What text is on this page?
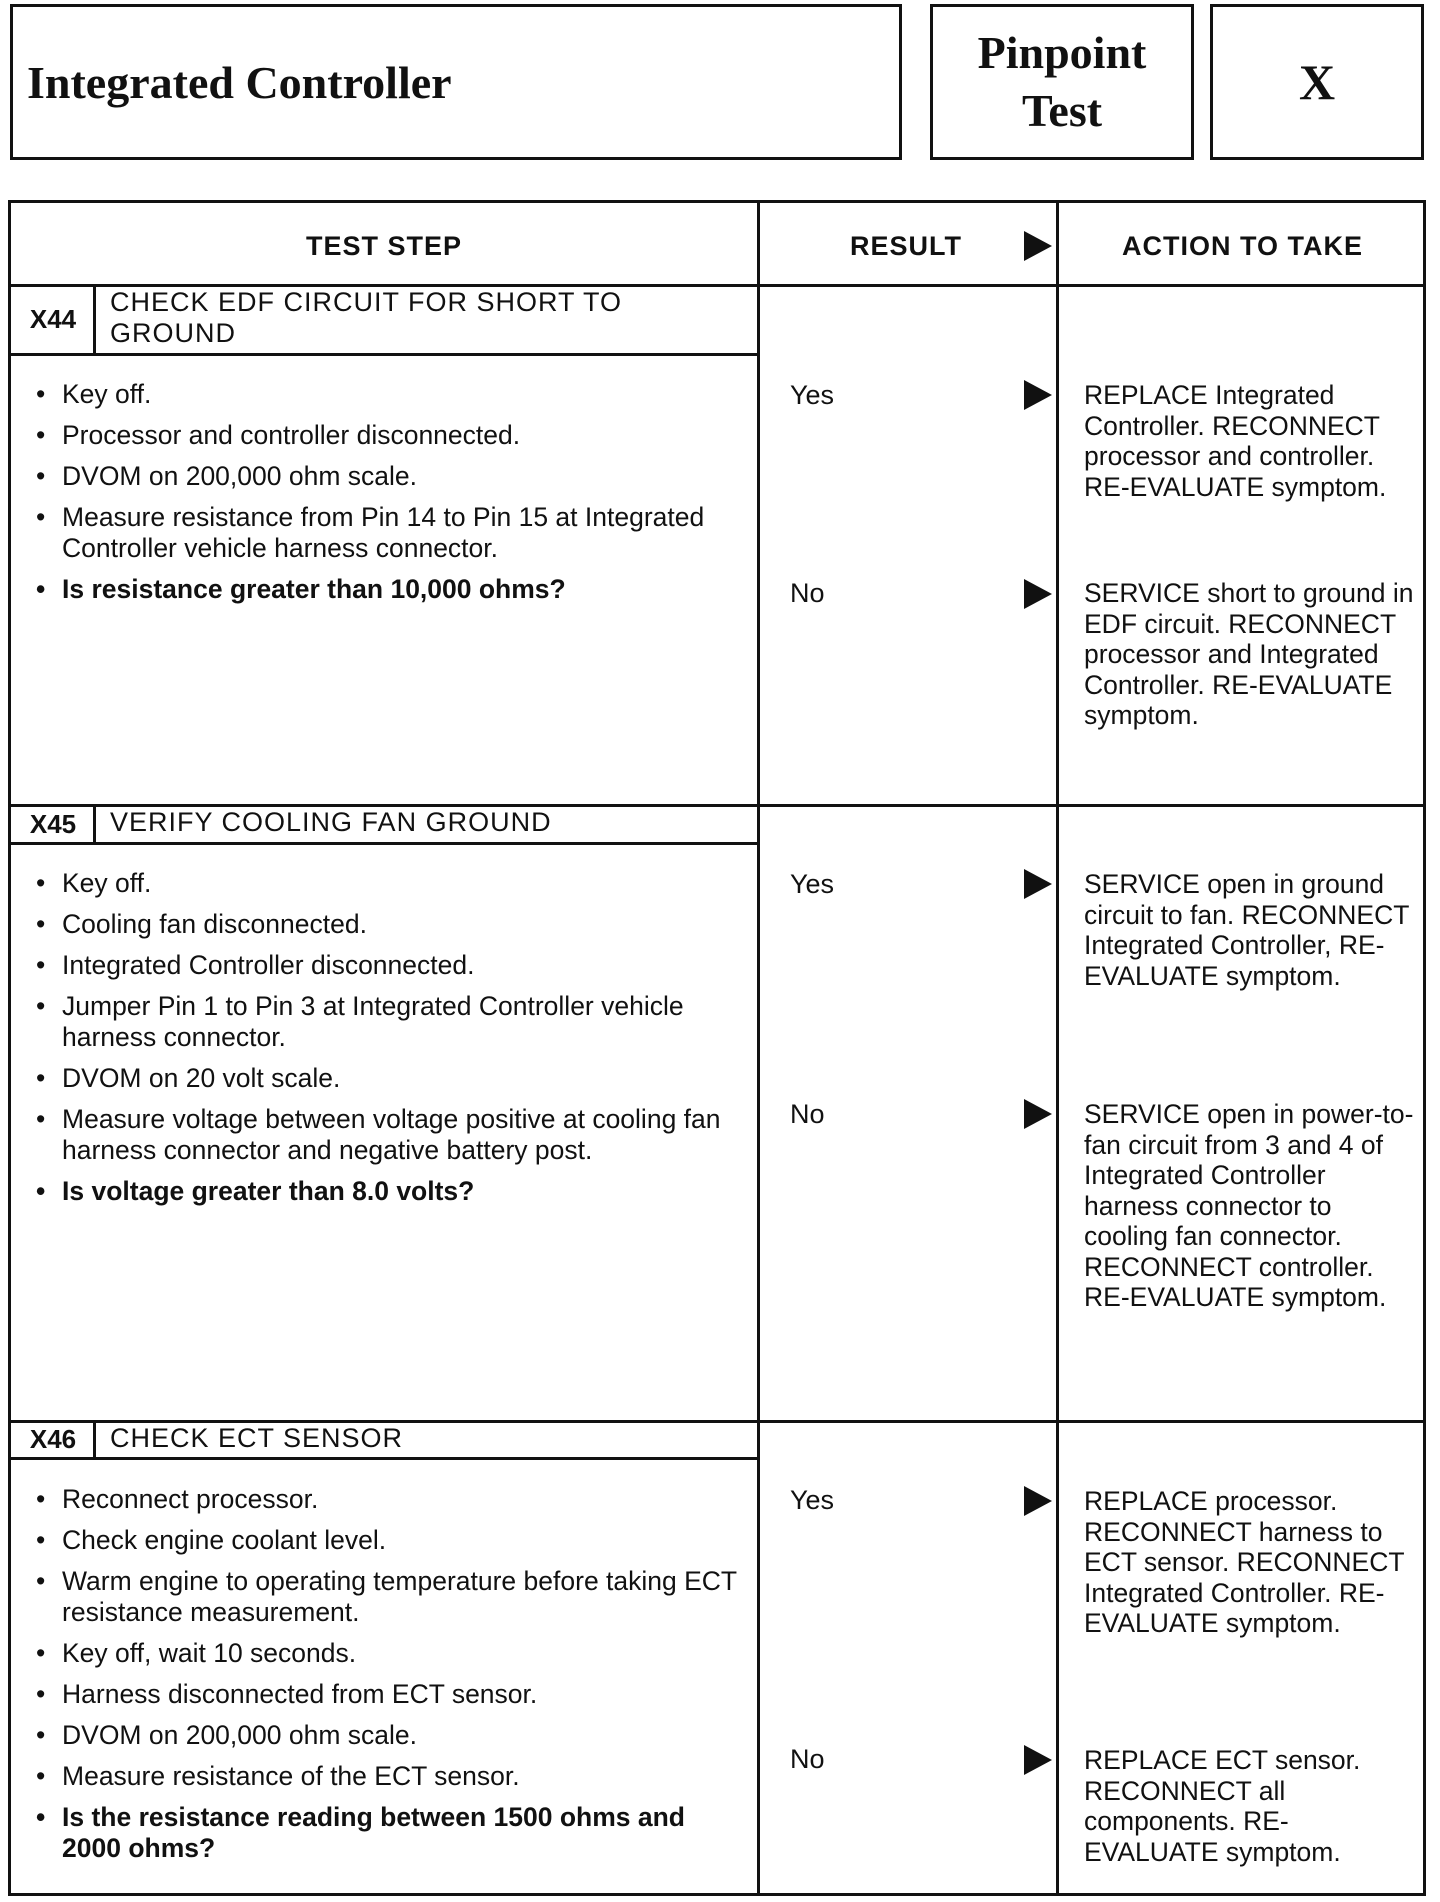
Integrated Controller
Pinpoint
Test
X
TEST STEP	RESULT	ACTION TO TAKE
X44
CHECK EDF CIRCUIT FOR SHORT TO GROUND
• Key off.
• Processor and controller disconnected.
• DVOM on 200,000 ohm scale.
• Measure resistance from Pin 14 to Pin 15 at Integrated Controller vehicle harness connector.
• Is resistance greater than 10,000 ohms?
Yes	REPLACE Integrated Controller. RECONNECT processor and controller. RE-EVALUATE symptom.
No	SERVICE short to ground in EDF circuit. RECONNECT processor and Integrated Controller. RE-EVALUATE symptom.
X45	VERIFY COOLING FAN GROUND
• Key off.
• Cooling fan disconnected.
• Integrated Controller disconnected.
• Jumper Pin 1 to Pin 3 at Integrated Controller vehicle harness connector.
• DVOM on 20 volt scale.
• Measure voltage between voltage positive at cooling fan harness connector and negative battery post.
• Is voltage greater than 8.0 volts?
Yes	SERVICE open in ground circuit to fan. RECONNECT Integrated Controller, RE-EVALUATE symptom.
No	SERVICE open in power-to-fan circuit from 3 and 4 of Integrated Controller harness connector to cooling fan connector. RECONNECT controller. RE-EVALUATE symptom.
X46	CHECK ECT SENSOR
• Reconnect processor.
• Check engine coolant level.
• Warm engine to operating temperature before taking ECT resistance measurement.
• Key off, wait 10 seconds.
• Harness disconnected from ECT sensor.
• DVOM on 200,000 ohm scale.
• Measure resistance of the ECT sensor.
• Is the resistance reading between 1500 ohms and 2000 ohms?
Yes	REPLACE processor. RECONNECT harness to ECT sensor. RECONNECT Integrated Controller. RE-EVALUATE symptom.
No	REPLACE ECT sensor. RECONNECT all components. RE-EVALUATE symptom.
